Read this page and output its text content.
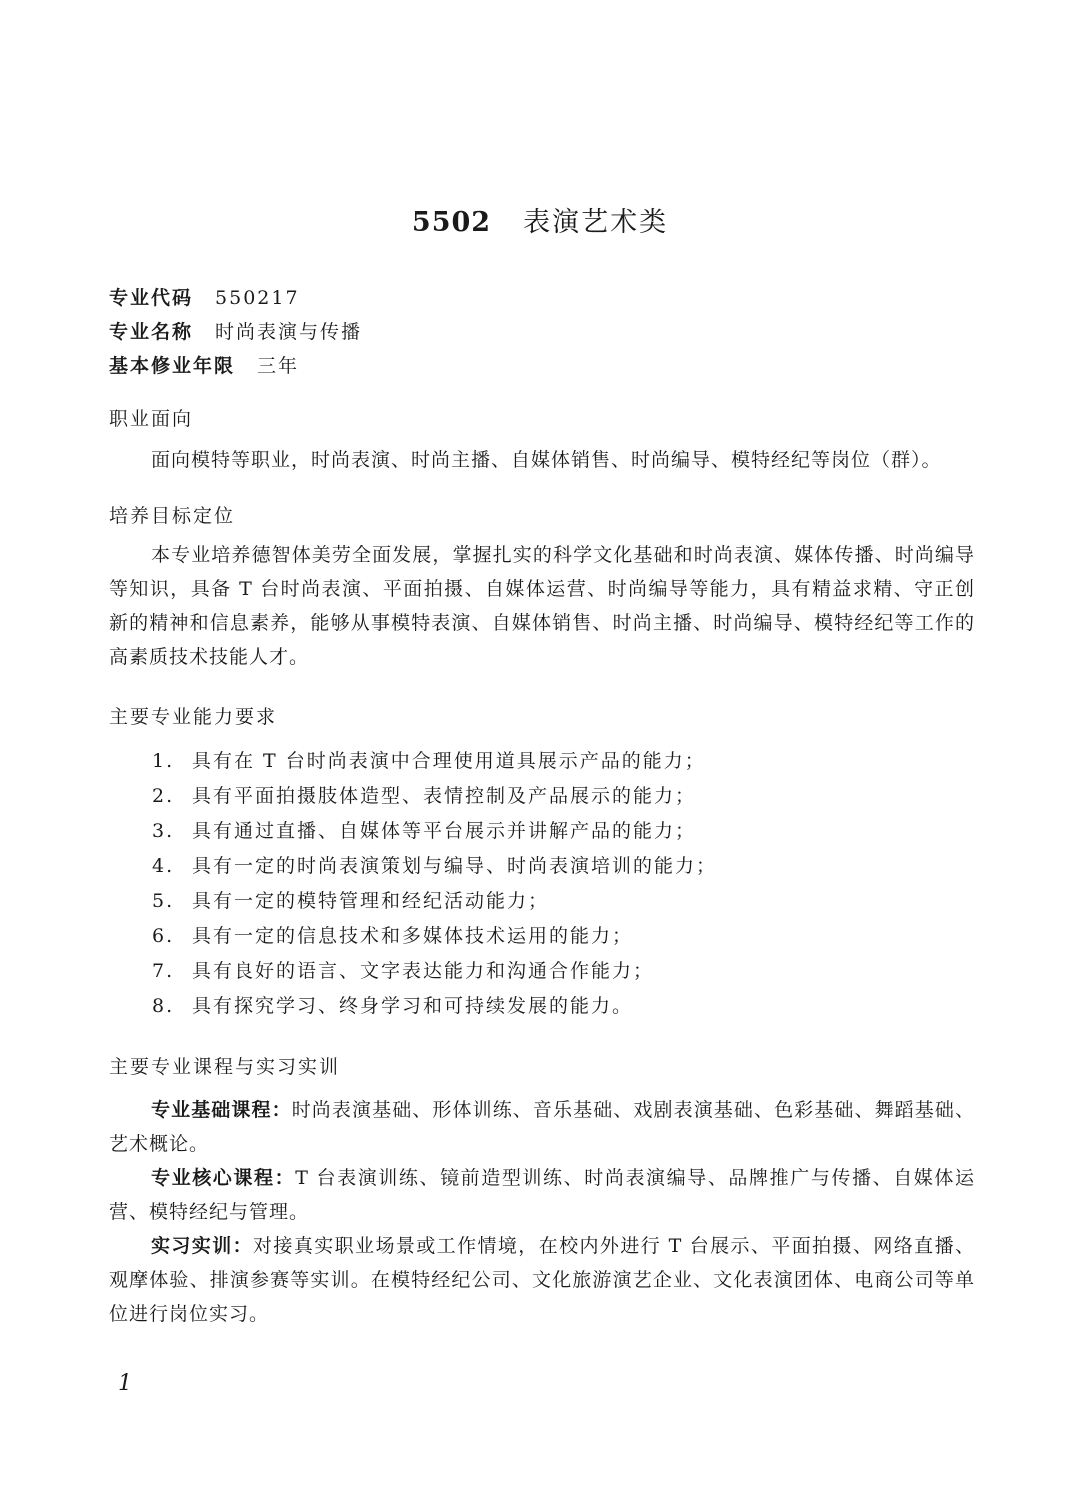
5502 表演艺术类
专业代码 550217
专业名称 时尚表演与传播
基本修业年限 三年
职业面向
面向模特等职业，时尚表演、时尚主播、自媒体销售、时尚编导、模特经纪等岗位（群）。
培养目标定位
本专业培养德智体美劳全面发展，掌握扎实的科学文化基础和时尚表演、媒体传播、时尚编导等知识，具备 T 台时尚表演、平面拍摄、自媒体运营、时尚编导等能力，具有精益求精、守正创新的精神和信息素养，能够从事模特表演、自媒体销售、时尚主播、时尚编导、模特经纪等工作的高素质技术技能人才。
主要专业能力要求
1. 具有在 T 台时尚表演中合理使用道具展示产品的能力；
2. 具有平面拍摄肢体造型、表情控制及产品展示的能力；
3. 具有通过直播、自媒体等平台展示并讲解产品的能力；
4. 具有一定的时尚表演策划与编导、时尚表演培训的能力；
5. 具有一定的模特管理和经纪活动能力；
6. 具有一定的信息技术和多媒体技术运用的能力；
7. 具有良好的语言、文字表达能力和沟通合作能力；
8. 具有探究学习、终身学习和可持续发展的能力。
主要专业课程与实习实训
专业基础课程：时尚表演基础、形体训练、音乐基础、戏剧表演基础、色彩基础、舞蹈基础、艺术概论。
专业核心课程：T 台表演训练、镜前造型训练、时尚表演编导、品牌推广与传播、自媒体运营、模特经纪与管理。
实习实训：对接真实职业场景或工作情境，在校内外进行 T 台展示、平面拍摄、网络直播、观摩体验、排演参赛等实训。在模特经纪公司、文化旅游演艺企业、文化表演团体、电商公司等单位进行岗位实习。
1
